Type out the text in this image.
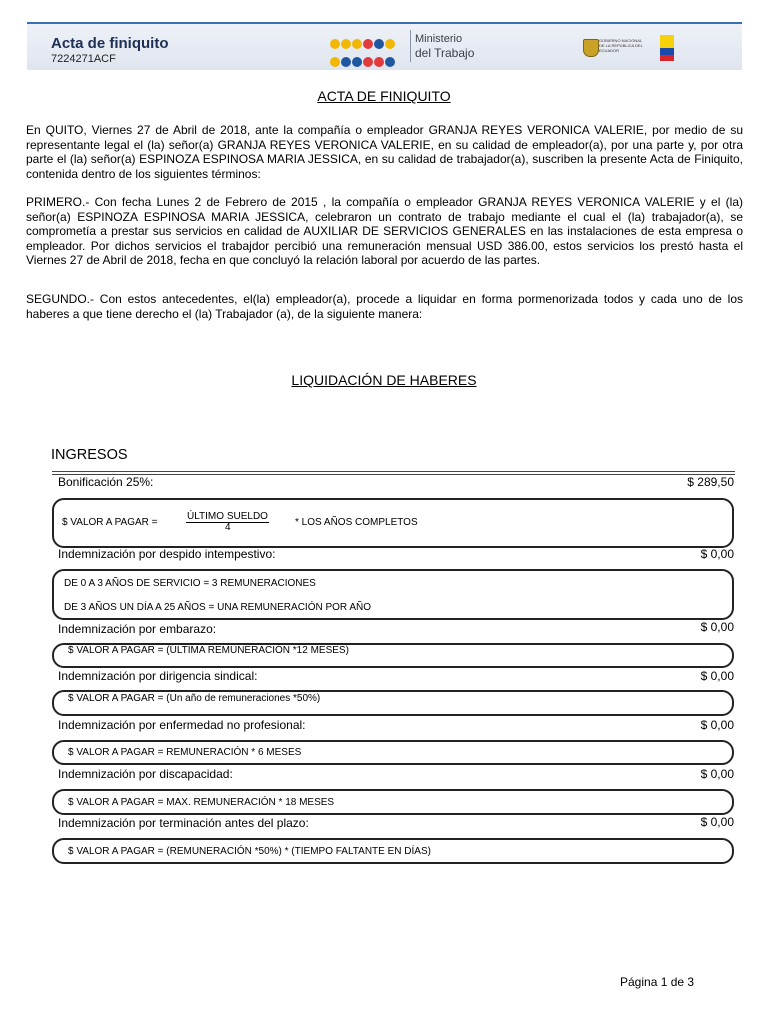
Acta de finiquito
7224271ACF
Ministerio
del Trabajo
GOBIERNO NACIONAL DE LA REPÚBLICA DEL ECUADOR
ACTA DE FINIQUITO

En QUITO, Viernes 27 de Abril de 2018, ante la compañía o empleador GRANJA REYES VERONICA VALERIE, por medio de su representante legal el (la) señor(a) GRANJA REYES VERONICA VALERIE, en su calidad de empleador(a), por una parte y, por otra parte el (la) señor(a) ESPINOZA ESPINOSA MARIA JESSICA, en su calidad de trabajador(a), suscriben la presente Acta de Finiquito, contenida dentro de los siguientes términos:

PRIMERO.- Con fecha Lunes 2 de Febrero de 2015 , la compañía o empleador GRANJA REYES VERONICA VALERIE y el (la) señor(a) ESPINOZA ESPINOSA MARIA JESSICA, celebraron un contrato de trabajo mediante el cual el (la) trabajador(a), se comprometía a prestar sus servicios en calidad de AUXILIAR DE SERVICIOS GENERALES en las instalaciones de esta empresa o empleador. Por dichos servicios el trabajdor percibió una remuneración mensual USD 386.00, estos servicios los prestó hasta el Viernes 27 de Abril de 2018, fecha en que concluyó la relación laboral por acuerdo de las partes.

SEGUNDO.- Con estos antecedentes, el(la) empleador(a), procede a liquidar en forma pormenorizada todos y cada uno de los haberes a que tiene derecho el (la) Trabajador (a), de la siguiente manera:

LIQUIDACIÓN DE HABERES
INGRESOS
Bonificación 25%:	$ 289,50
$ VALOR A PAGAR =
ÚLTIMO SUELDO
4	* LOS AÑOS COMPLETOS
Indemnización por despido intempestivo:	$ 0,00
DE 0 A 3 AÑOS DE SERVICIO = 3 REMUNERACIONES
DE 3 AÑOS UN DÍA A 25 AÑOS = UNA REMUNERACIÓN POR AÑO
Indemnización por embarazo:	$ 0,00
$ VALOR A PAGAR = (ÚLTIMA REMUNERACIÓN *12 MESES)
Indemnización por dirigencia sindical:	$ 0,00
$ VALOR A PAGAR = (Un año de remuneraciones *50%)
Indemnización por enfermedad no profesional:	$ 0,00
$ VALOR A PAGAR = REMUNERACIÓN * 6 MESES
Indemnización por discapacidad:	$ 0,00
$ VALOR A PAGAR = MAX. REMUNERACIÓN * 18 MESES
Indemnización por terminación antes del plazo:	$ 0,00
$ VALOR A PAGAR = (REMUNERACIÓN *50%) * (TIEMPO FALTANTE EN DÍAS)
Página 1 de 3
